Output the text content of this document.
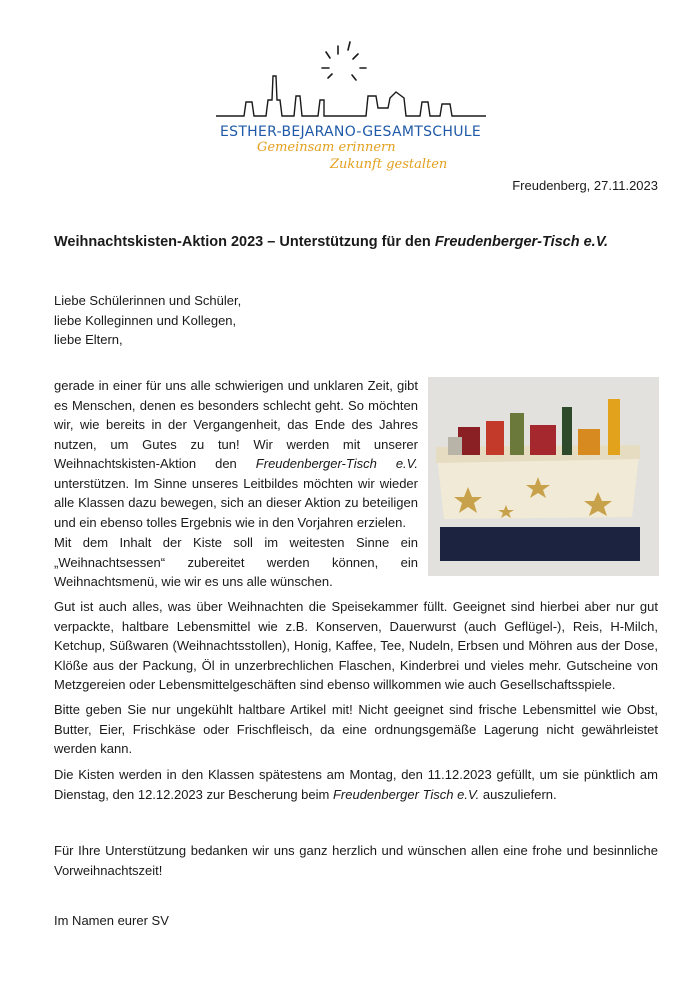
ESTHER-BEJARANO-GESAMTSCHULE
Gemeinsam erinnern
Zukunft gestalten
Freudenberg, 27.11.2023
Weihnachtskisten-Aktion 2023 – Unterstützung für den Freudenberger-Tisch e.V.
Liebe Schülerinnen und Schüler,
liebe Kolleginnen und Kollegen,
liebe Eltern,

gerade in einer für uns alle schwierigen und unklaren Zeit, gibt es Menschen, denen es besonders schlecht geht. So möchten wir, wie bereits in der Vergangenheit, das Ende des Jahres nutzen, um Gutes zu tun! Wir werden mit unserer Weihnachtskisten-Aktion den Freudenberger-Tisch e.V. unterstützen. Im Sinne unseres Leitbildes möchten wir wieder alle Klassen dazu bewegen, sich an dieser Aktion zu beteiligen und ein ebenso tolles Ergebnis wie in den Vorjahren erzielen.

Mit dem Inhalt der Kiste soll im weitesten Sinne ein „Weihnachtsessen“ zubereitet werden können, ein Weihnachtsmenü, wie wir es uns alle wünschen.

Gut ist auch alles, was über Weihnachten die Speisekammer füllt. Geeignet sind hierbei aber nur gut verpackte, haltbare Lebensmittel wie z.B. Konserven, Dauerwurst (auch Geflügel-), Reis, H-Milch, Ketchup, Süßwaren (Weihnachtsstollen), Honig, Kaffee, Tee, Nudeln, Erbsen und Möhren aus der Dose, Klöße aus der Packung, Öl in unzerbrechlichen Flaschen, Kinderbrei und vieles mehr. Gutscheine von Metzgereien oder Lebensmittelgeschäften sind ebenso willkommen wie auch Gesellschaftsspiele.

Bitte geben Sie nur ungekühlt haltbare Artikel mit! Nicht geeignet sind frische Lebensmittel wie Obst, Butter, Eier, Frischkäse oder Frischfleisch, da eine ordnungsgemäße Lagerung nicht gewährleistet werden kann.

Die Kisten werden in den Klassen spätestens am Montag, den 11.12.2023 gefüllt, um sie pünktlich am Dienstag, den 12.12.2023 zur Bescherung beim Freudenberger Tisch e.V. auszuliefern.

Für Ihre Unterstützung bedanken wir uns ganz herzlich und wünschen allen eine frohe und besinnliche Vorweihnachtszeit!

Im Namen eurer SV
